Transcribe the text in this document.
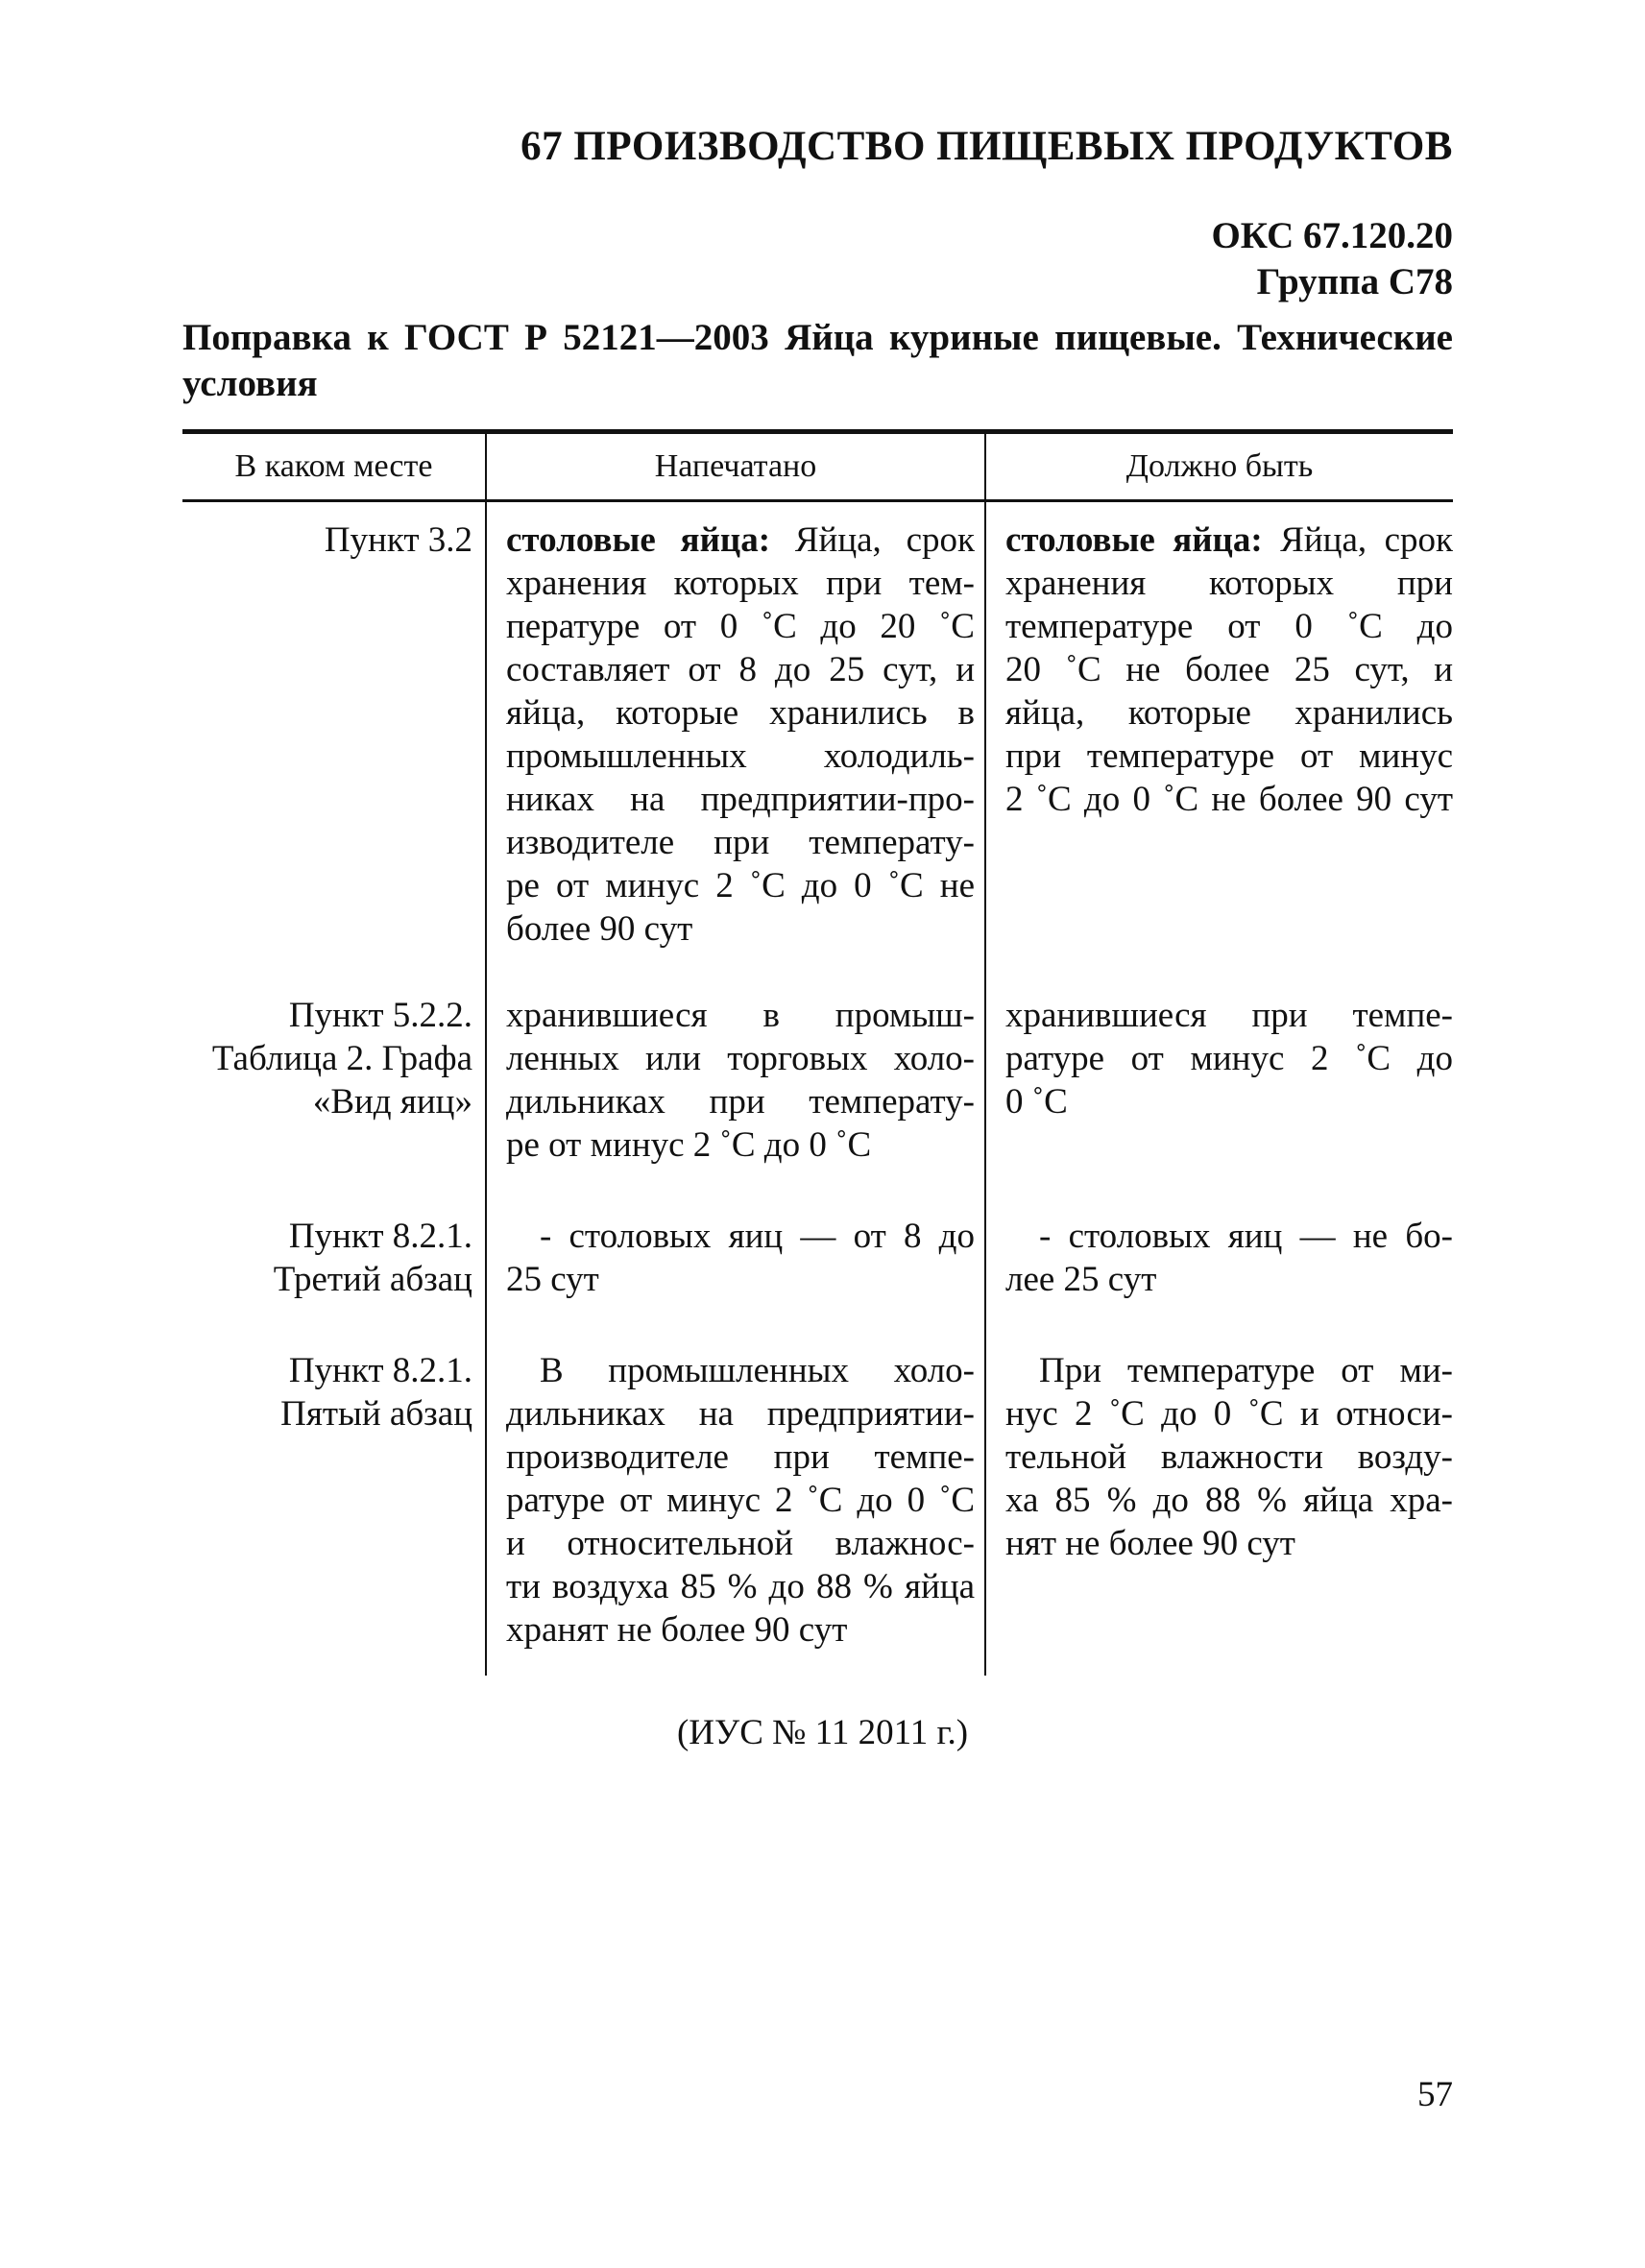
67 ПРОИЗВОДСТВО ПИЩЕВЫХ ПРОДУКТОВ
ОКС 67.120.20
Группа С78
Поправка к ГОСТ Р 52121—2003 Яйца куриные пищевые. Технические условия
В каком месте	Напечатано	Должно быть
Пункт 3.2 столовые яйца: Яйца, срок
хранения которых при тем-
пературе от 0 ˚С до 20 ˚С
составляет от 8 до 25 сут, и
яйца, которые хранились в
промышленных холодиль-
никах на предприятии-про-
изводителе при температу-
ре от минус 2 ˚С до 0 ˚С не
более 90 сут
столовые яйца: Яйца, срок
хранения которых при
температуре от 0 ˚С до
20 ˚С не более 25 сут, и
яйца, которые хранились
при температуре от минус
2 ˚С до 0 ˚С не более 90 сут
Пункт 5.2.2.
Таблица 2. Графа
«Вид яиц»
хранившиеся в промыш-
ленных или торговых холо-
дильниках при температу-
ре от минус 2 ˚С до 0 ˚С
хранившиеся при темпе-
ратуре от минус 2 ˚С до
0 ˚С
Пункт 8.2.1.
Третий абзац
- столовых яиц — от 8 до
25 сут
- столовых яиц — не бо-
лее 25 сут
Пункт 8.2.1.
Пятый абзац
В промышленных холо-
дильниках на предприятии-
производителе при темпе-
ратуре от минус 2 ˚С до 0 ˚С
и относительной влажнос-
ти воздуха 85 % до 88 % яйца
хранят не более 90 сут
При температуре от ми-
нус 2 ˚С до 0 ˚С и относи-
тельной влажности возду-
ха 85 % до 88 % яйца хра-
нят не более 90 сут
(ИУС № 11 2011 г.)
57
